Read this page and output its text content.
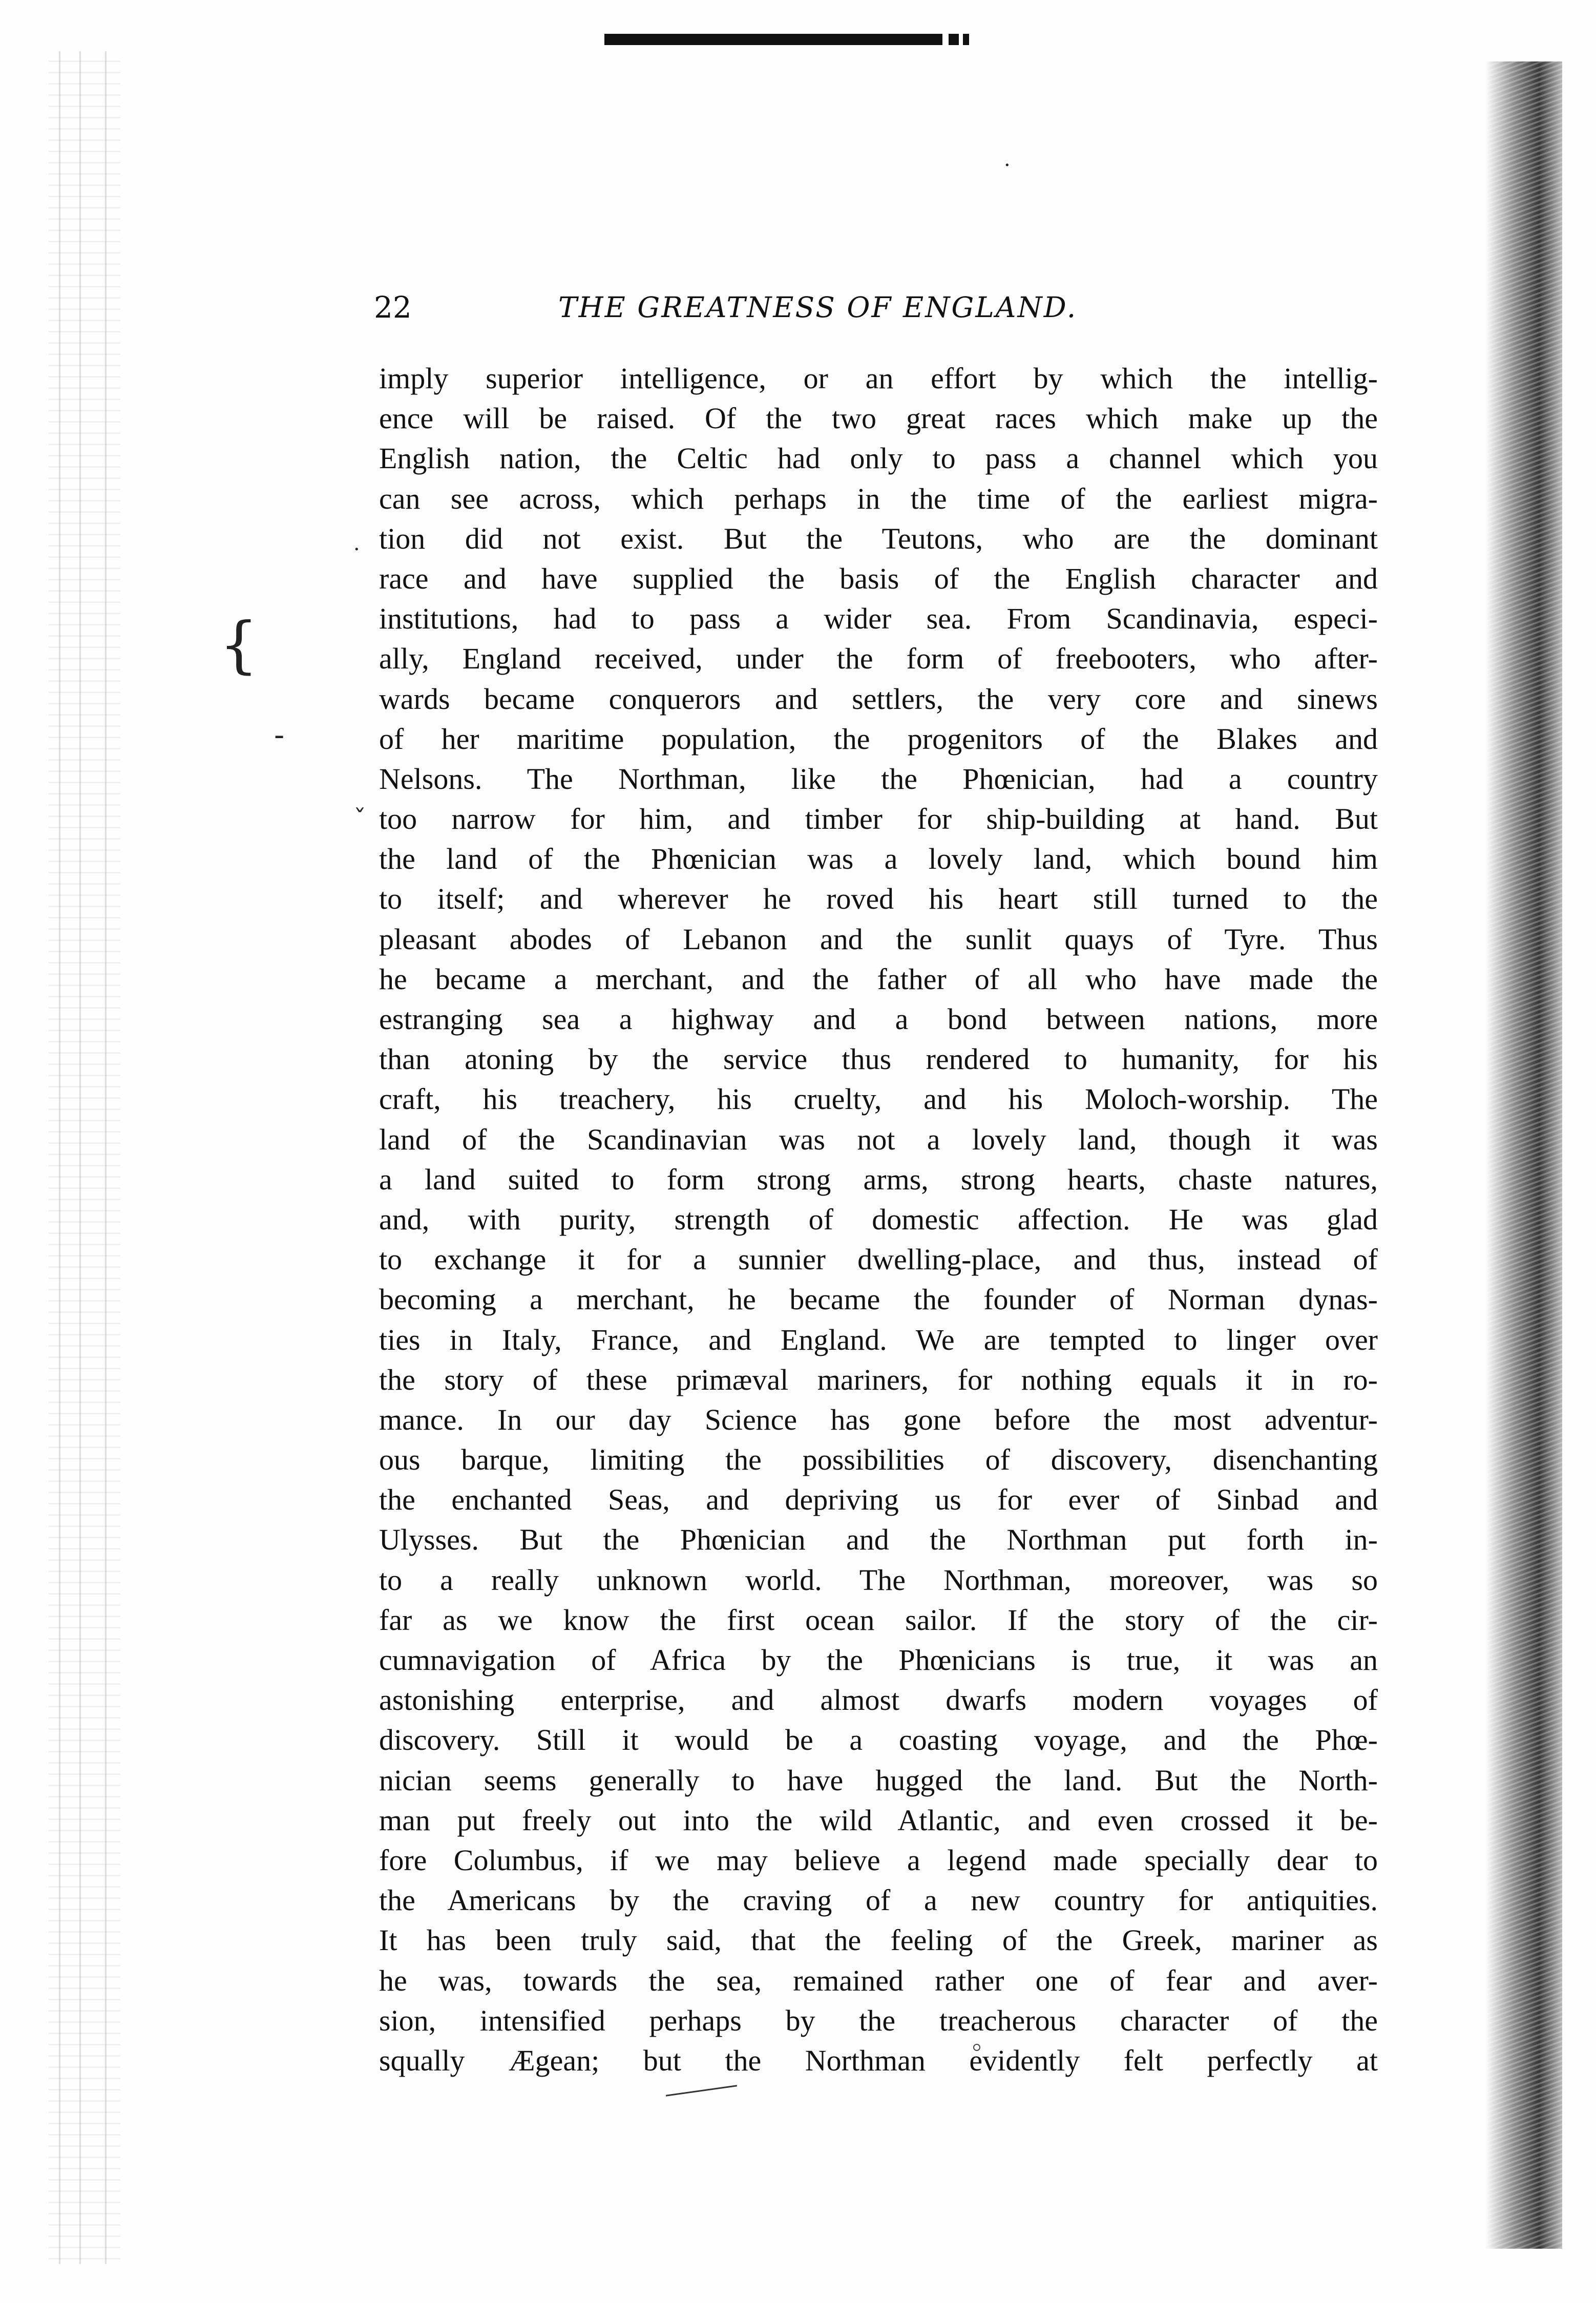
22	THE GREATNESS OF ENGLAND.
imply superior intelligence, or an effort by which the intellig-
ence will be raised. Of the two great races which make up the
English nation, the Celtic had only to pass a channel which you
can see across, which perhaps in the time of the earliest migra-
tion did not exist. But the Teutons, who are the dominant
race and have supplied the basis of the English character and
institutions, had to pass a wider sea. From Scandinavia, especi-
ally, England received, under the form of freebooters, who after-
wards became conquerors and settlers, the very core and sinews
of her maritime population, the progenitors of the Blakes and
Nelsons. The Northman, like the Phœnician, had a country
too narrow for him, and timber for ship-building at hand. But
the land of the Phœnician was a lovely land, which bound him
to itself; and wherever he roved his heart still turned to the
pleasant abodes of Lebanon and the sunlit quays of Tyre. Thus
he became a merchant, and the father of all who have made the
estranging sea a highway and a bond between nations, more
than atoning by the service thus rendered to humanity, for his
craft, his treachery, his cruelty, and his Moloch-worship. The
land of the Scandinavian was not a lovely land, though it was
a land suited to form strong arms, strong hearts, chaste natures,
and, with purity, strength of domestic affection. He was glad
to exchange it for a sunnier dwelling-place, and thus, instead of
becoming a merchant, he became the founder of Norman dynas-
ties in Italy, France, and England. We are tempted to linger over
the story of these primæval mariners, for nothing equals it in ro-
mance. In our day Science has gone before the most adventur-
ous barque, limiting the possibilities of discovery, disenchanting
the enchanted Seas, and depriving us for ever of Sinbad and
Ulysses. But the Phœnician and the Northman put forth in-
to a really unknown world. The Northman, moreover, was so
far as we know the first ocean sailor. If the story of the cir-
cumnavigation of Africa by the Phœnicians is true, it was an
astonishing enterprise, and almost dwarfs modern voyages of
discovery. Still it would be a coasting voyage, and the Phœ-
nician seems generally to have hugged the land. But the North-
man put freely out into the wild Atlantic, and even crossed it be-
fore Columbus, if we may believe a legend made specially dear to
the Americans by the craving of a new country for antiquities.
It has been truly said, that the feeling of the Greek, mariner as
he was, towards the sea, remained rather one of fear and aver-
sion, intensified perhaps by the treacherous character of the
squally Ægean; but the Northman evidently felt perfectly at
{
-
ˇ
·
·
